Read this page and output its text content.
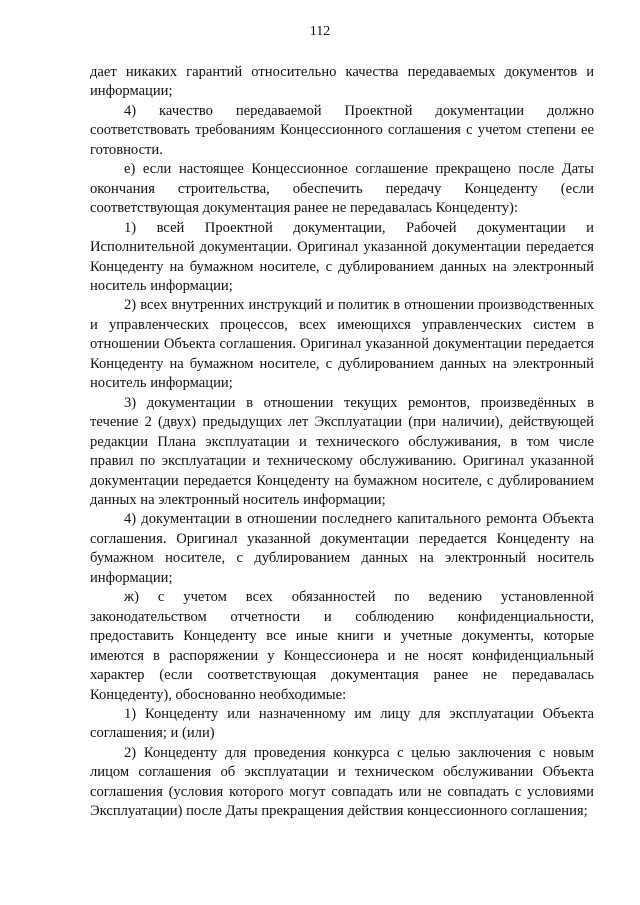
112

дает никаких гарантий относительно качества передаваемых документов и информации;

4) качество передаваемой Проектной документации должно соответствовать требованиям Концессионного соглашения с учетом степени ее готовности.

е) если настоящее Концессионное соглашение прекращено после Даты окончания строительства, обеспечить передачу Концеденту (если соответствующая документация ранее не передавалась Концеденту):

1) всей Проектной документации, Рабочей документации и Исполнительной документации. Оригинал указанной документации передается Концеденту на бумажном носителе, с дублированием данных на электронный носитель информации;

2) всех внутренних инструкций и политик в отношении производственных и управленческих процессов, всех имеющихся управленческих систем в отношении Объекта соглашения. Оригинал указанной документации передается Концеденту на бумажном носителе, с дублированием данных на электронный носитель информации;

3) документации в отношении текущих ремонтов, произведённых в течение 2 (двух) предыдущих лет Эксплуатации (при наличии), действующей редакции Плана эксплуатации и технического обслуживания, в том числе правил по эксплуатации и техническому обслуживанию. Оригинал указанной документации передается Концеденту на бумажном носителе, с дублированием данных на электронный носитель информации;

4) документации в отношении последнего капитального ремонта Объекта соглашения. Оригинал указанной документации передается Концеденту на бумажном носителе, с дублированием данных на электронный носитель информации;

ж) с учетом всех обязанностей по ведению установленной законодательством отчетности и соблюдению конфиденциальности, предоставить Концеденту все иные книги и учетные документы, которые имеются в распоряжении у Концессионера и не носят конфиденциальный характер (если соответствующая документация ранее не передавалась Концеденту), обоснованно необходимые:

1) Концеденту или назначенному им лицу для эксплуатации Объекта соглашения; и (или)

2) Концеденту для проведения конкурса с целью заключения с новым лицом соглашения об эксплуатации и техническом обслуживании Объекта соглашения (условия которого могут совпадать или не совпадать с условиями Эксплуатации) после Даты прекращения действия концессионного соглашения;
